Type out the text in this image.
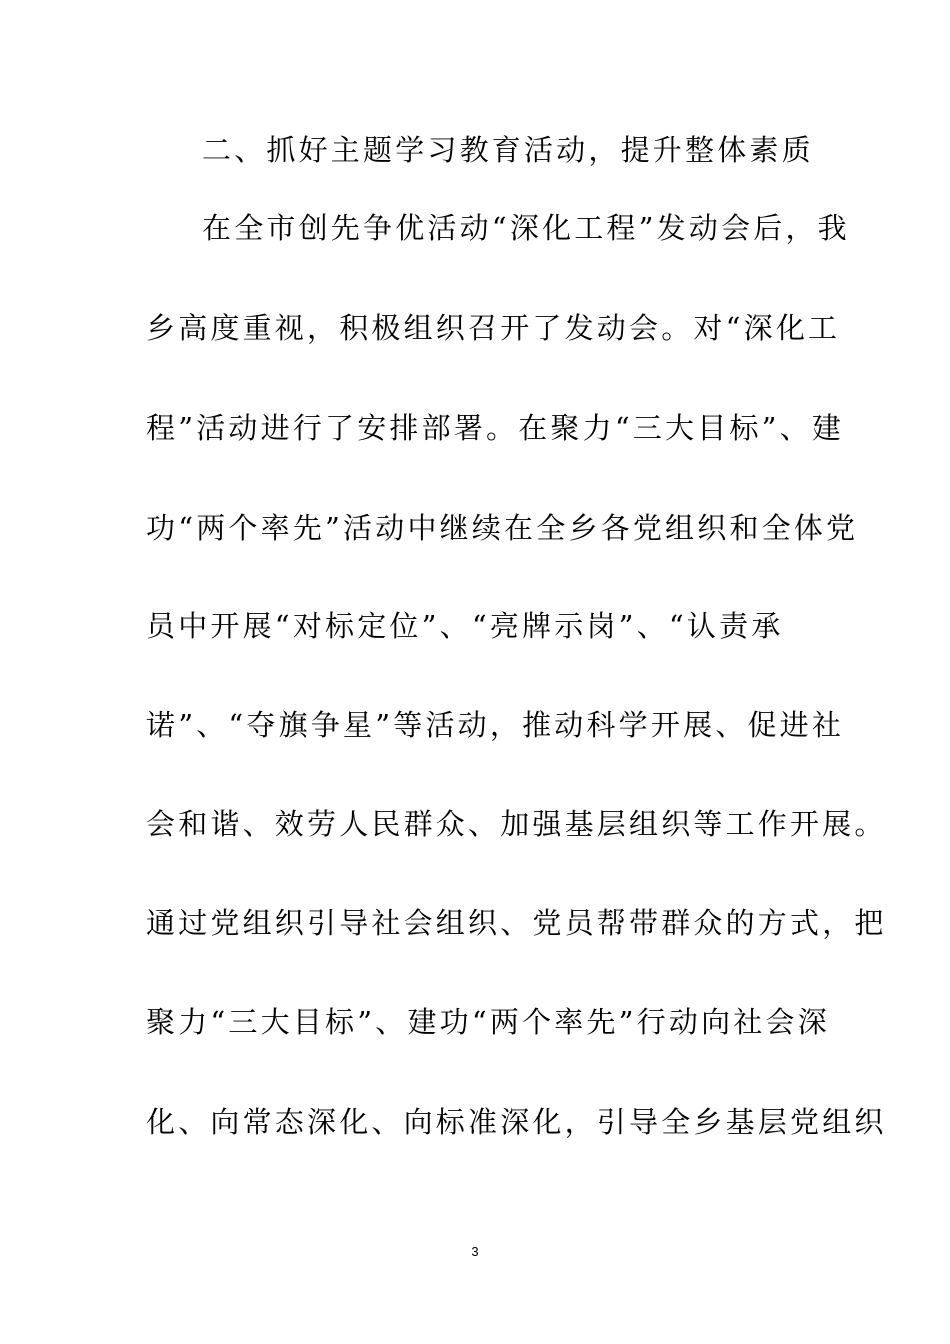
二、抓好主题学习教育活动，提升整体素质
在全市创先争优活动“深化工程”发动会后，我
乡高度重视，积极组织召开了发动会。对“深化工
程”活动进行了安排部署。在聚力“三大目标”、建
功“两个率先”活动中继续在全乡各党组织和全体党
员中开展“对标定位”、“亮牌示岗”、“认责承
诺”、“夺旗争星”等活动，推动科学开展、促进社
会和谐、效劳人民群众、加强基层组织等工作开展。
通过党组织引导社会组织、党员帮带群众的方式，把
聚力“三大目标”、建功“两个率先”行动向社会深
化、向常态深化、向标准深化，引导全乡基层党组织
3
